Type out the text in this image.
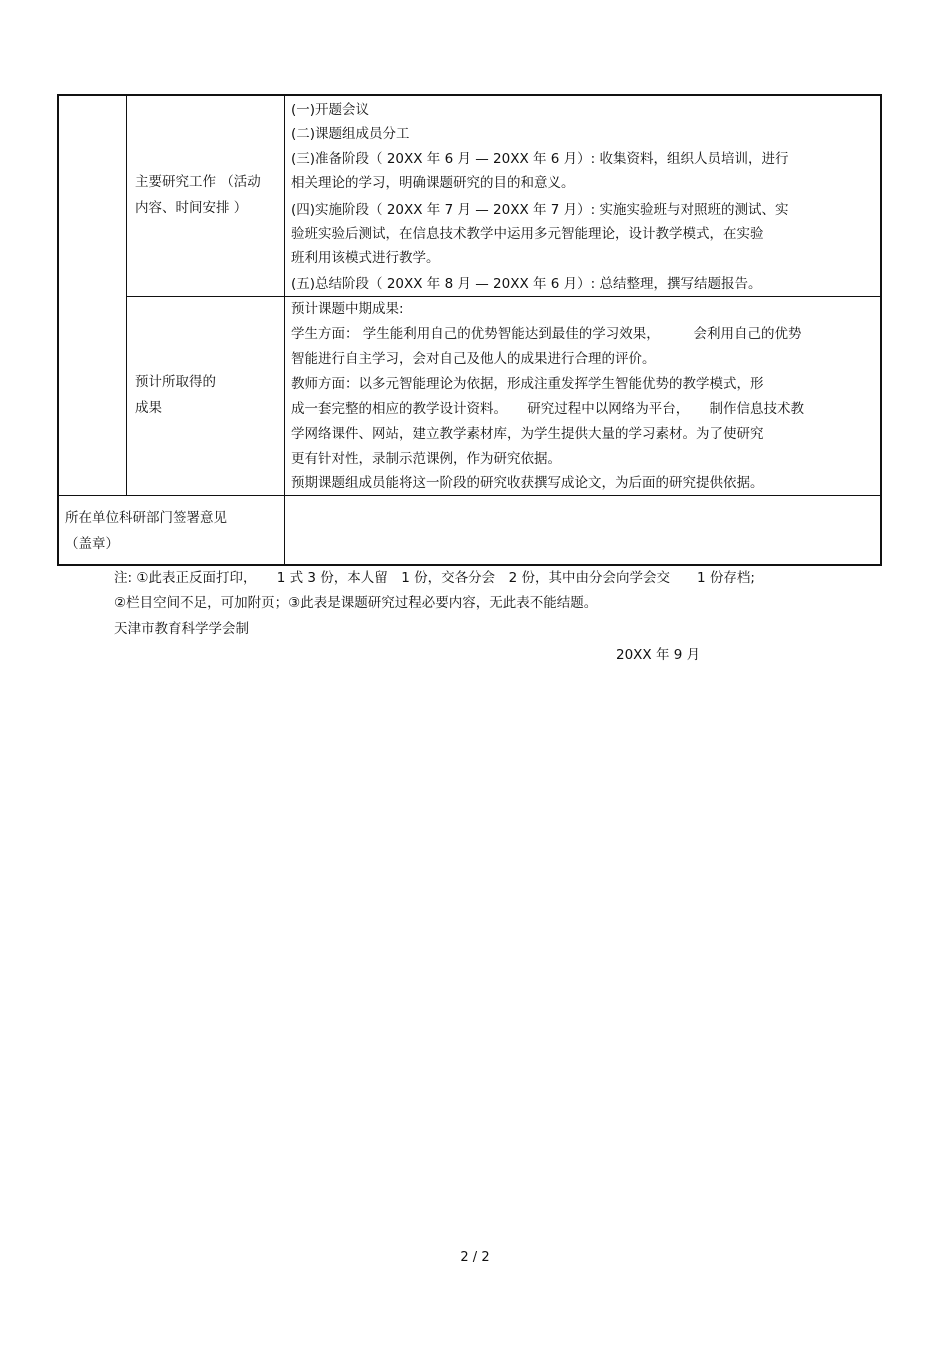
主要研究工作 （活动
内容、时间安排 ）
(一)开题会议
(二)课题组成员分工
(三)准备阶段（ 20XX 年 6 月 — 20XX 年 6 月）: 收集资料，组织人员培训，进行
相关理论的学习，明确课题研究的目的和意义。
(四)实施阶段（ 20XX 年 7 月 — 20XX 年 7 月）: 实施实验班与对照班的测试、实
验班实验后测试，在信息技术教学中运用多元智能理论，设计教学模式，在实验
班利用该模式进行教学。
(五)总结阶段（ 20XX 年 8 月 — 20XX 年 6 月）: 总结整理，撰写结题报告。
预计所取得的
成果
预计课题中期成果:
学生方面： 学生能利用自己的优势智能达到最佳的学习效果，　　　会利用自己的优势
智能进行自主学习，会对自己及他人的成果进行合理的评价。
教师方面：以多元智能理论为依据，形成注重发挥学生智能优势的教学模式，形
成一套完整的相应的教学设计资料。　　研究过程中以网络为平台，　　制作信息技术教
学网络课件、网站，建立教学素材库，为学生提供大量的学习素材。为了使研究
更有针对性，录制示范课例，作为研究依据。
预期课题组成员能将这一阶段的研究收获撰写成论文，为后面的研究提供依据。
所在单位科研部门签署意见
（盖章）
注: ①此表正反面打印，　　1 式 3 份，本人留　1 份，交各分会　2 份，其中由分会向学会交　　1 份存档;
②栏目空间不足，可加附页；③此表是课题研究过程必要内容，无此表不能结题。
天津市教育科学学会制
20XX 年 9 月
2 / 2
